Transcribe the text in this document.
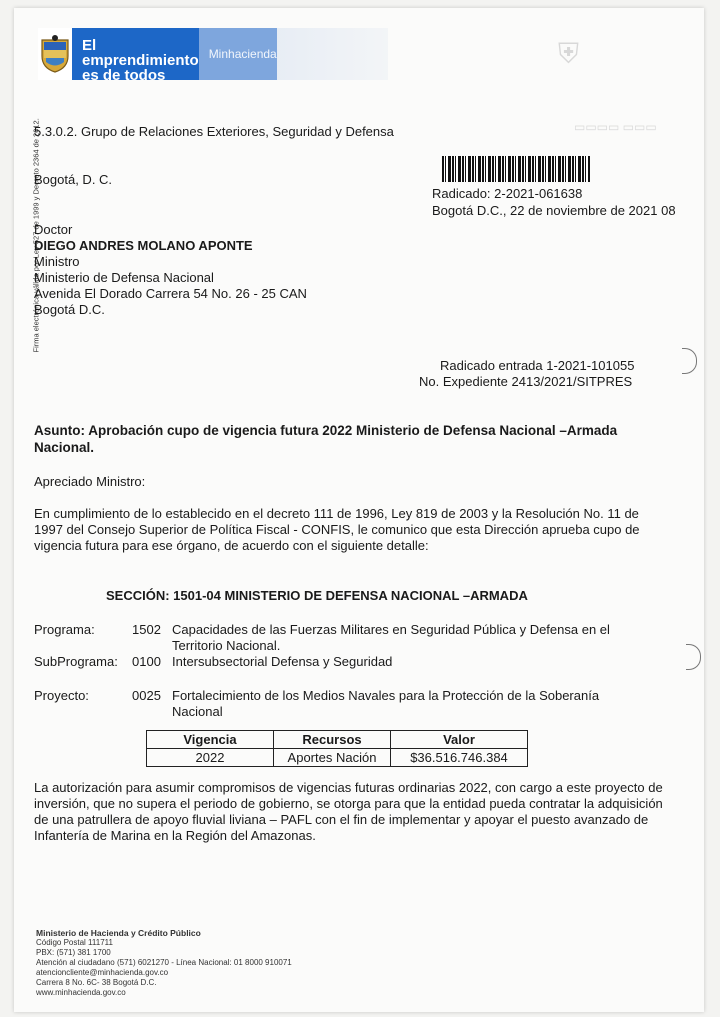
▭▭▭▭ ▭▭▭
⛨
El emprendimiento
es de todos
Minhacienda
Firma electrónica válida por Ley 527 de 1999 y Decreto 2364 de 2012.
5.3.0.2. Grupo de Relaciones Exteriores, Seguridad y Defensa
Bogotá, D. C.
Radicado: 2-2021-061638
Bogotá D.C., 22 de noviembre de 2021 08
Doctor
DIEGO ANDRES MOLANO APONTE
Ministro
Ministerio de Defensa Nacional
Avenida El Dorado Carrera 54 No. 26 - 25 CAN
Bogotá D.C.
Radicado entrada 1-2021-101055
No. Expediente 2413/2021/SITPRES
Asunto: Aprobación cupo de vigencia futura 2022 Ministerio de Defensa Nacional –Armada Nacional.
Apreciado Ministro:
En cumplimiento de lo establecido en el decreto 111 de 1996, Ley 819 de 2003 y la Resolución No. 11 de 1997 del Consejo Superior de Política Fiscal - CONFIS, le comunico que esta Dirección aprueba cupo de vigencia futura para ese órgano, de acuerdo con el siguiente detalle:
SECCIÓN: 1501-04 MINISTERIO DE DEFENSA NACIONAL –ARMADA
Programa:	1502 Capacidades de las Fuerzas Militares en Seguridad Pública y Defensa en el Territorio Nacional.
SubPrograma: 0100 Intersubsectorial Defensa y Seguridad
Proyecto:	0025 Fortalecimiento de los Medios Navales para la Protección de la Soberanía Nacional
Vigencia	Recursos	Valor
2022	Aportes Nación	$36.516.746.384
La autorización para asumir compromisos de vigencias futuras ordinarias 2022, con cargo a este proyecto de inversión, que no supera el periodo de gobierno, se otorga para que la entidad pueda contratar la adquisición de una patrullera de apoyo fluvial liviana – PAFL con el fin de implementar y apoyar el puesto avanzado de Infantería de Marina en la Región del Amazonas.
Ministerio de Hacienda y Crédito Público
Código Postal 111711
PBX: (571) 381 1700
Atención al ciudadano (571) 6021270 - Línea Nacional: 01 8000 910071
atencioncliente@minhacienda.gov.co
Carrera 8 No. 6C- 38 Bogotá D.C.
www.minhacienda.gov.co
